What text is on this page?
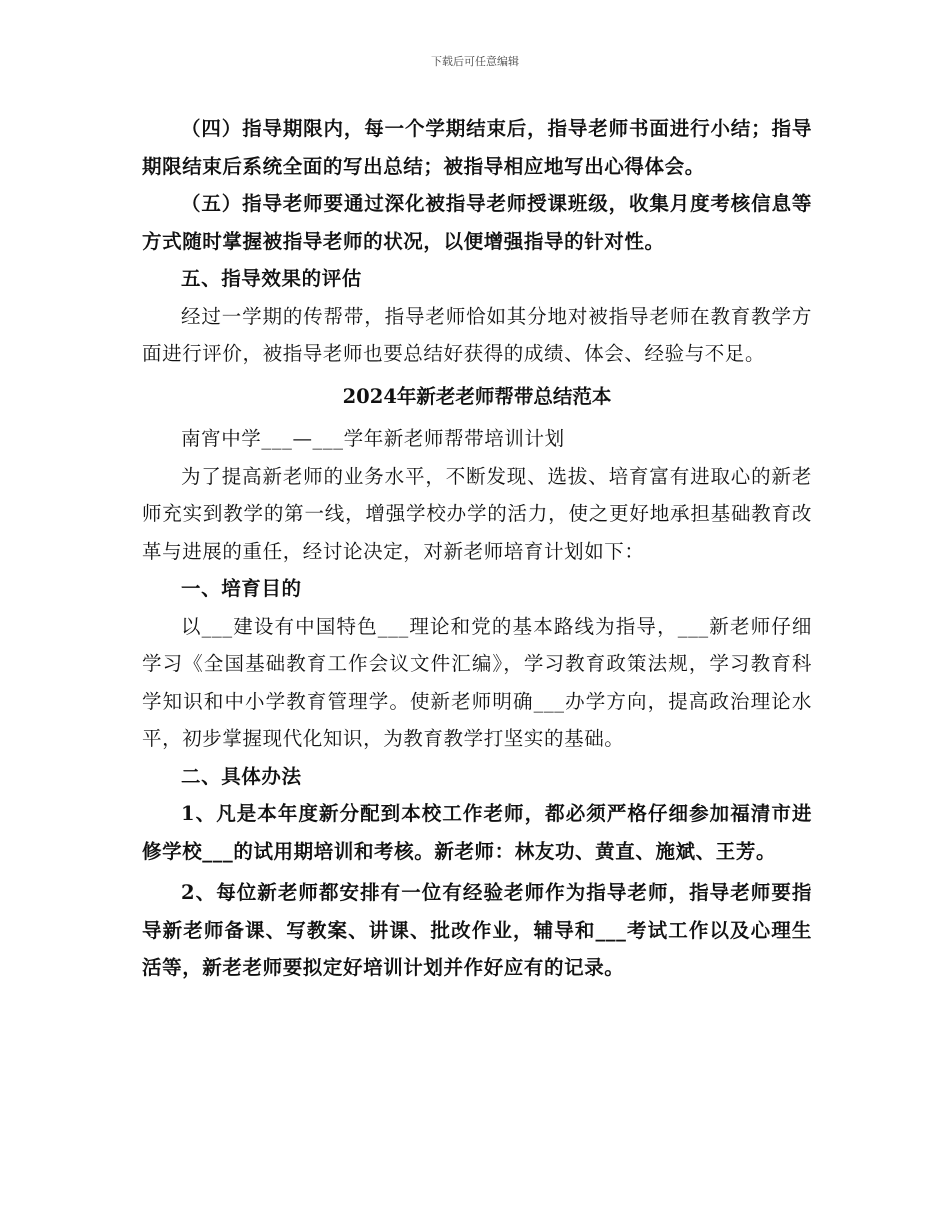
下载后可任意编辑

（四）指导期限内，每一个学期结束后，指导老师书面进行小结；指导期限结束后系统全面的写出总结；被指导相应地写出心得体会。

（五）指导老师要通过深化被指导老师授课班级，收集月度考核信息等方式随时掌握被指导老师的状况，以便增强指导的针对性。

五、指导效果的评估

经过一学期的传帮带，指导老师恰如其分地对被指导老师在教育教学方面进行评价，被指导老师也要总结好获得的成绩、体会、经验与不足。

2024年新老老师帮带总结范本

南宵中学___—___学年新老师帮带培训计划

为了提高新老师的业务水平，不断发现、选拔、培育富有进取心的新老师充实到教学的第一线，增强学校办学的活力，使之更好地承担基础教育改革与进展的重任，经讨论决定，对新老师培育计划如下：

一、培育目的

以___建设有中国特色___理论和党的基本路线为指导，___新老师仔细学习《全国基础教育工作会议文件汇编》，学习教育政策法规，学习教育科学知识和中小学教育管理学。使新老师明确___办学方向，提高政治理论水平，初步掌握现代化知识，为教育教学打坚实的基础。

二、具体办法

1、凡是本年度新分配到本校工作老师，都必须严格仔细参加福清市进修学校___的试用期培训和考核。新老师：林友功、黄直、施斌、王芳。

2、每位新老师都安排有一位有经验老师作为指导老师，指导老师要指导新老师备课、写教案、讲课、批改作业，辅导和___考试工作以及心理生活等，新老老师要拟定好培训计划并作好应有的记录。
